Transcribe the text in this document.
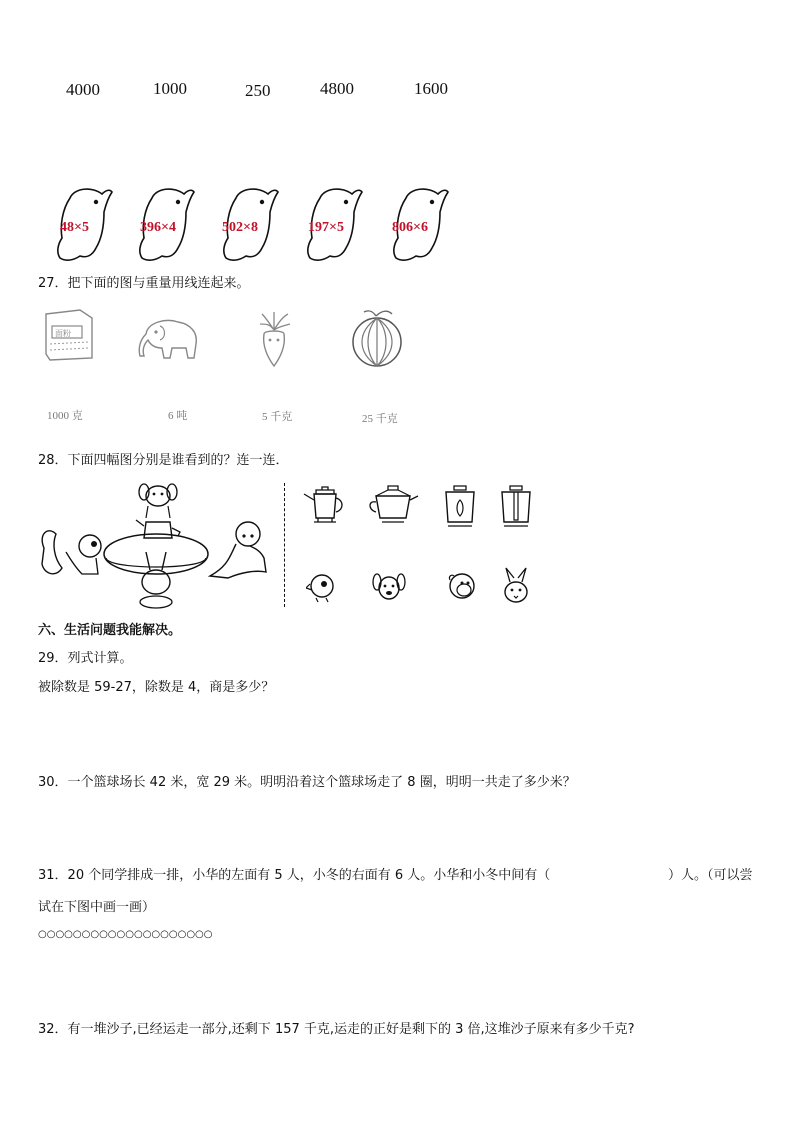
4000	1000	250	4800	1600
48×5	396×4	502×8	197×5	806×6
27．把下面的图与重量用线连起来。
面粉
1000 克	6 吨	5 千克	25 千克
28．下面四幅图分别是谁看到的？连一连．
六、生活问题我能解决。
29．列式计算。
被除数是 59-27，除数是 4，商是多少？
30．一个篮球场长 42 米，宽 29 米。明明沿着这个篮球场走了 8 圈，明明一共走了多少米？
31．20 个同学排成一排，小华的左面有 5 人，小冬的右面有 6 人。小华和小冬中间有（	）人。（可以尝
试在下图中画一画）
○○○○○○○○○○○○○○○○○○○○
32．有一堆沙子,已经运走一部分,还剩下 157 千克,运走的正好是剩下的 3 倍,这堆沙子原来有多少千克?
